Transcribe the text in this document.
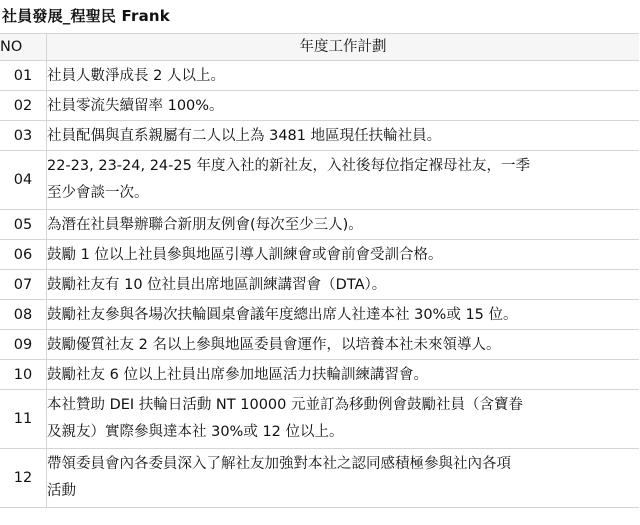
社員發展_程聖民 Frank
NO	年度工作計劃
01	社員人數淨成長 2 人以上。
02	社員零流失續留率 100%。
03	社員配偶與直系親屬有二人以上為 3481 地區現任扶輪社員。
04	22-23, 23-24, 24-25 年度入社的新社友，入社後每位指定褓母社友，一季
至少會談一次。
05	為潛在社員舉辦聯合新朋友例會(每次至少三人)。
06	鼓勵 1 位以上社員參與地區引導人訓練會或會前會受訓合格。
07	鼓勵社友有 10 位社員出席地區訓練講習會（DTA）。
08	鼓勵社友參與各場次扶輪圓桌會議年度總出席人社達本社 30%或 15 位。
09	鼓勵優質社友 2 名以上參與地區委員會運作，以培養本社未來領導人。
10	鼓勵社友 6 位以上社員出席參加地區活力扶輪訓練講習會。
11	本社贊助 DEI 扶輪日活動 NT 10000 元並訂為移動例會鼓勵社員（含寶眷
及親友）實際參與達本社 30%或 12 位以上。
12	帶領委員會內各委員深入了解社友加強對本社之認同感積極參與社內各項
活動
